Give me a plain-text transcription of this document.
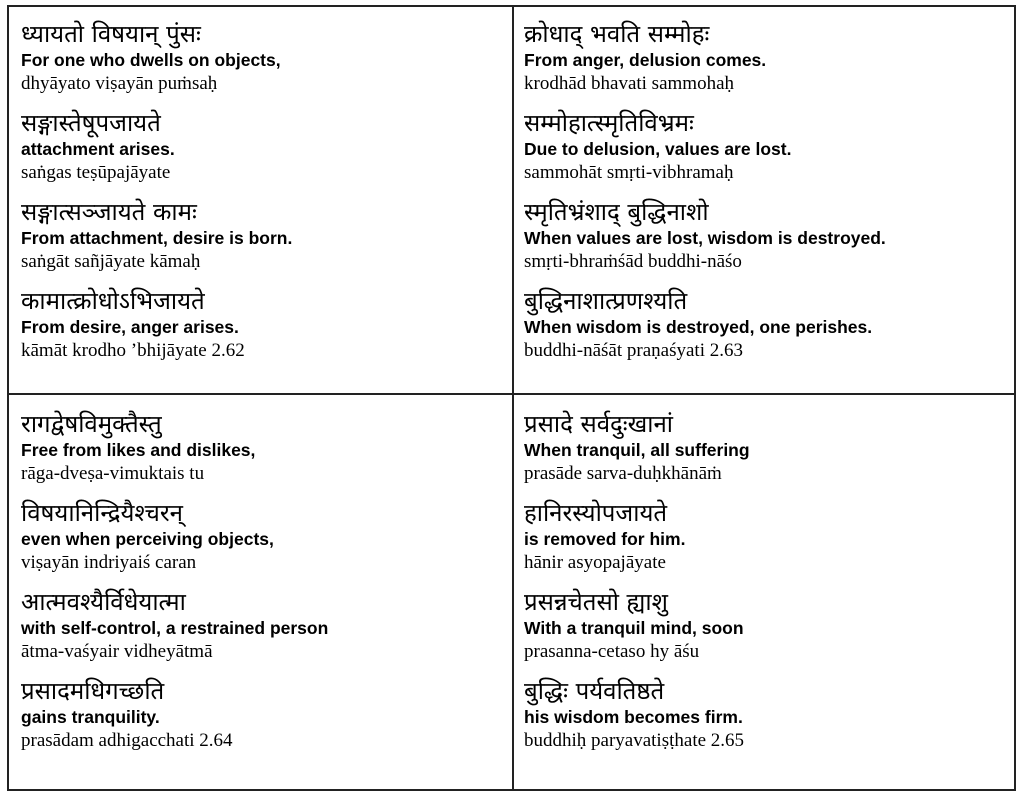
ध्यायतो विषयान् पुंसः
For one who dwells on objects,
dhyāyato viṣayān puṁsaḥ
सङ्गास्तेषूपजायते
attachment arises.
saṅgas teṣūpajāyate
सङ्गात्सञ्जायते कामः
From attachment, desire is born.
saṅgāt sañjāyate kāmaḥ
कामात्क्रोधोऽभिजायते
From desire, anger arises.
kāmāt krodho ’bhijāyate 2.62
क्रोधाद् भवति सम्मोहः
From anger, delusion comes.
krodhād bhavati sammohaḥ
सम्मोहात्स्मृतिविभ्रमः
Due to delusion, values are lost.
sammohāt smṛti-vibhramaḥ
स्मृतिभ्रंशाद् बुद्धिनाशो
When values are lost, wisdom is destroyed.
smṛti-bhraṁśād buddhi-nāśo
बुद्धिनाशात्प्रणश्यति
When wisdom is destroyed, one perishes.
buddhi-nāśāt praṇaśyati 2.63
रागद्वेषविमुक्तैस्तु
Free from likes and dislikes,
rāga-dveṣa-vimuktais tu
विषयानिन्द्रियैश्चरन्
even when perceiving objects,
viṣayān indriyaiś caran
आत्मवश्यैर्विधेयात्मा
with self-control, a restrained person
ātma-vaśyair vidheyātmā
प्रसादमधिगच्छति
gains tranquility.
prasādam adhigacchati 2.64
प्रसादे सर्वदुःखानां
When tranquil, all suffering
prasāde sarva-duḥkhānāṁ
हानिरस्योपजायते
is removed for him.
hānir asyopajāyate
प्रसन्नचेतसो ह्याशु
With a tranquil mind, soon
prasanna-cetaso hy āśu
बुद्धिः पर्यवतिष्ठते
his wisdom becomes firm.
buddhiḥ paryavatiṣṭhate 2.65
